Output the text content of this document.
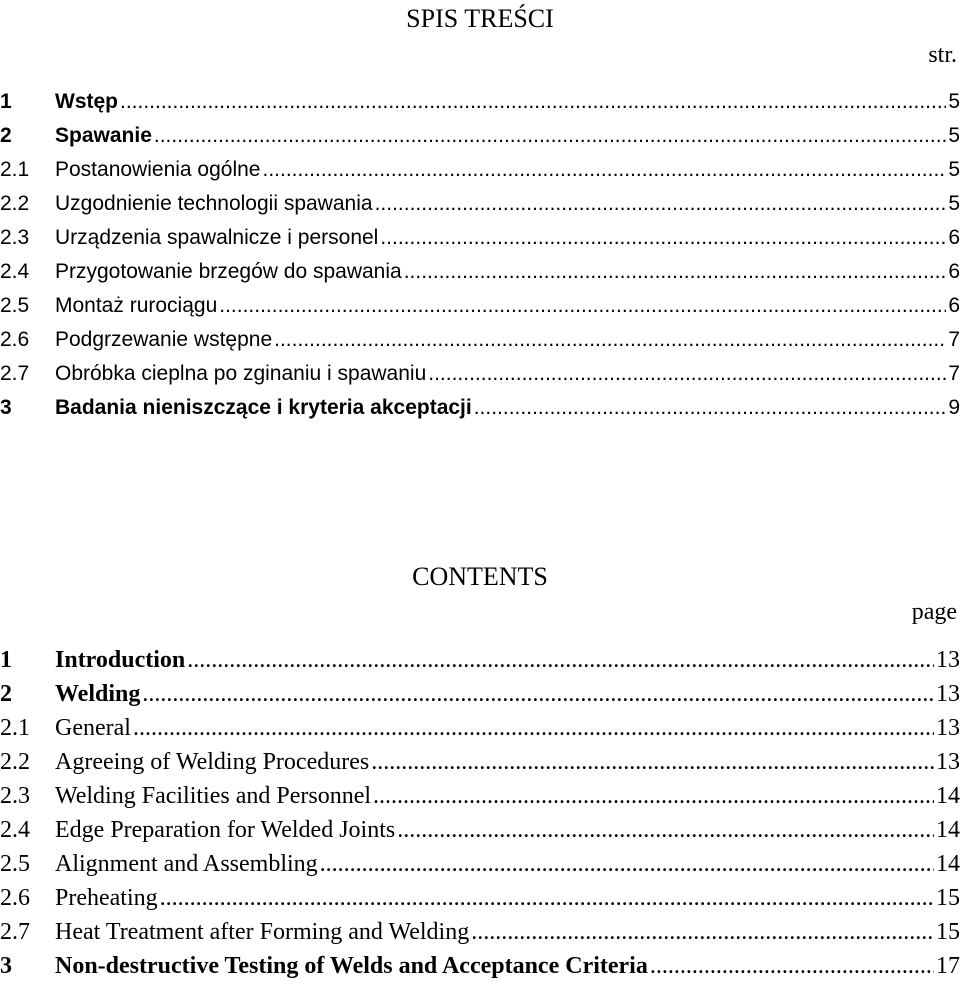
SPIS TREŚCI
str.
1	Wstęp .....	5
2	Spawanie .....	5
2.1	Postanowienia ogólne .....	5
2.2	Uzgodnienie technologii spawania .....	5
2.3	Urządzenia spawalnicze i personel .....	6
2.4	Przygotowanie brzegów do spawania .....	6
2.5	Montaż rurociągu .....	6
2.6	Podgrzewanie wstępne .....	7
2.7	Obróbka cieplna po zginaniu i spawaniu .....	7
3	Badania nieniszczące i kryteria akceptacji .....	9
CONTENTS
page
1	Introduction .....	13
2	Welding .....	13
2.1	General .....	13
2.2	Agreeing of Welding Procedures .....	13
2.3	Welding Facilities and Personnel .....	14
2.4	Edge Preparation for Welded Joints .....	14
2.5	Alignment and Assembling .....	14
2.6	Preheating .....	15
2.7	Heat Treatment after Forming and Welding .....	15
3	Non-destructive Testing of Welds and Acceptance Criteria .....	17
